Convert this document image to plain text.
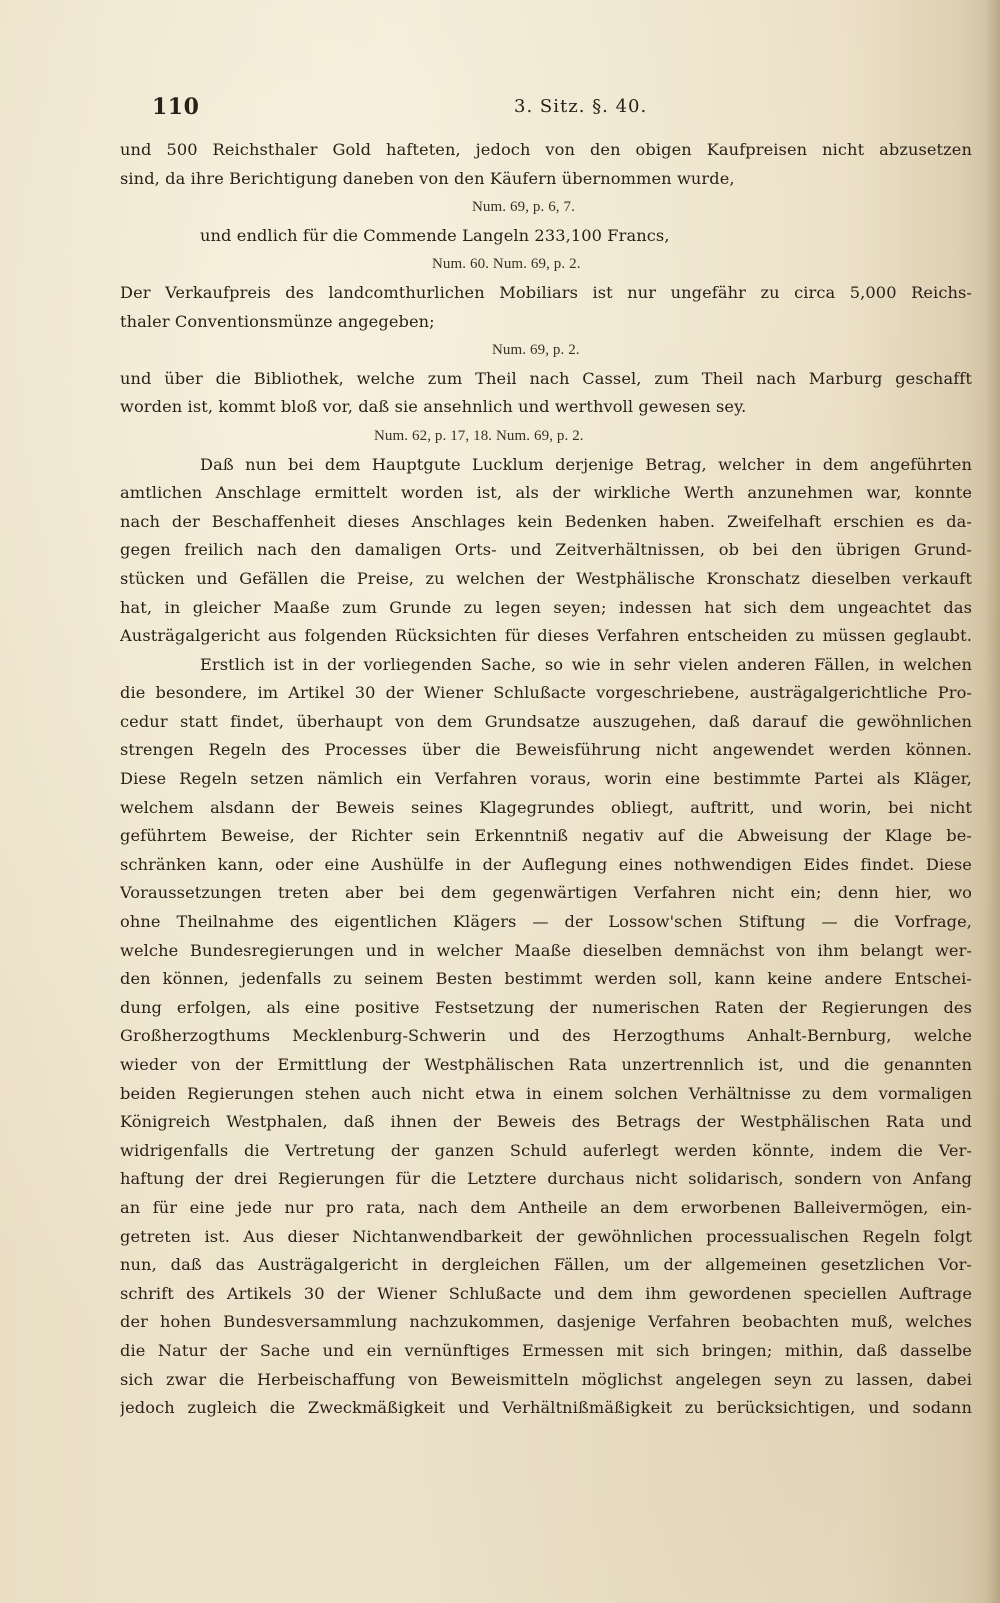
110	3. Sitz. §. 40.
und 500 Reichsthaler Gold hafteten, jedoch von den obigen Kaufpreisen nicht abzusetzen
sind, da ihre Berichtigung daneben von den Käufern übernommen wurde,
Num. 69, p. 6, 7.
und endlich für die Commende Langeln 233,100 Francs,
Num. 60. Num. 69, p. 2.
Der Verkaufpreis des landcomthurlichen Mobiliars ist nur ungefähr zu circa 5,000 Reichs-
thaler Conventionsmünze angegeben;
Num. 69, p. 2.
und über die Bibliothek, welche zum Theil nach Cassel, zum Theil nach Marburg geschafft
worden ist, kommt bloß vor, daß sie ansehnlich und werthvoll gewesen sey.
Num. 62, p. 17, 18. Num. 69, p. 2.
Daß nun bei dem Hauptgute Lucklum derjenige Betrag, welcher in dem angeführten
amtlichen Anschlage ermittelt worden ist, als der wirkliche Werth anzunehmen war, konnte
nach der Beschaffenheit dieses Anschlages kein Bedenken haben. Zweifelhaft erschien es da-
gegen freilich nach den damaligen Orts- und Zeitverhältnissen, ob bei den übrigen Grund-
stücken und Gefällen die Preise, zu welchen der Westphälische Kronschatz dieselben verkauft
hat, in gleicher Maaße zum Grunde zu legen seyen; indessen hat sich dem ungeachtet das
Austrägalgericht aus folgenden Rücksichten für dieses Verfahren entscheiden zu müssen geglaubt.
Erstlich ist in der vorliegenden Sache, so wie in sehr vielen anderen Fällen, in welchen
die besondere, im Artikel 30 der Wiener Schlußacte vorgeschriebene, austrägalgerichtliche Pro-
cedur statt findet, überhaupt von dem Grundsatze auszugehen, daß darauf die gewöhnlichen
strengen Regeln des Processes über die Beweisführung nicht angewendet werden können.
Diese Regeln setzen nämlich ein Verfahren voraus, worin eine bestimmte Partei als Kläger,
welchem alsdann der Beweis seines Klagegrundes obliegt, auftritt, und worin, bei nicht
geführtem Beweise, der Richter sein Erkenntniß negativ auf die Abweisung der Klage be-
schränken kann, oder eine Aushülfe in der Auflegung eines nothwendigen Eides findet. Diese
Voraussetzungen treten aber bei dem gegenwärtigen Verfahren nicht ein; denn hier, wo
ohne Theilnahme des eigentlichen Klägers — der Lossow'schen Stiftung — die Vorfrage,
welche Bundesregierungen und in welcher Maaße dieselben demnächst von ihm belangt wer-
den können, jedenfalls zu seinem Besten bestimmt werden soll, kann keine andere Entschei-
dung erfolgen, als eine positive Festsetzung der numerischen Raten der Regierungen des
Großherzogthums Mecklenburg-Schwerin und des Herzogthums Anhalt-Bernburg, welche
wieder von der Ermittlung der Westphälischen Rata unzertrennlich ist, und die genannten
beiden Regierungen stehen auch nicht etwa in einem solchen Verhältnisse zu dem vormaligen
Königreich Westphalen, daß ihnen der Beweis des Betrags der Westphälischen Rata und
widrigenfalls die Vertretung der ganzen Schuld auferlegt werden könnte, indem die Ver-
haftung der drei Regierungen für die Letztere durchaus nicht solidarisch, sondern von Anfang
an für eine jede nur pro rata, nach dem Antheile an dem erworbenen Balleivermögen, ein-
getreten ist. Aus dieser Nichtanwendbarkeit der gewöhnlichen processualischen Regeln folgt
nun, daß das Austrägalgericht in dergleichen Fällen, um der allgemeinen gesetzlichen Vor-
schrift des Artikels 30 der Wiener Schlußacte und dem ihm gewordenen speciellen Auftrage
der hohen Bundesversammlung nachzukommen, dasjenige Verfahren beobachten muß, welches
die Natur der Sache und ein vernünftiges Ermessen mit sich bringen; mithin, daß dasselbe
sich zwar die Herbeischaffung von Beweismitteln möglichst angelegen seyn zu lassen, dabei
jedoch zugleich die Zweckmäßigkeit und Verhältnißmäßigkeit zu berücksichtigen, und sodann
